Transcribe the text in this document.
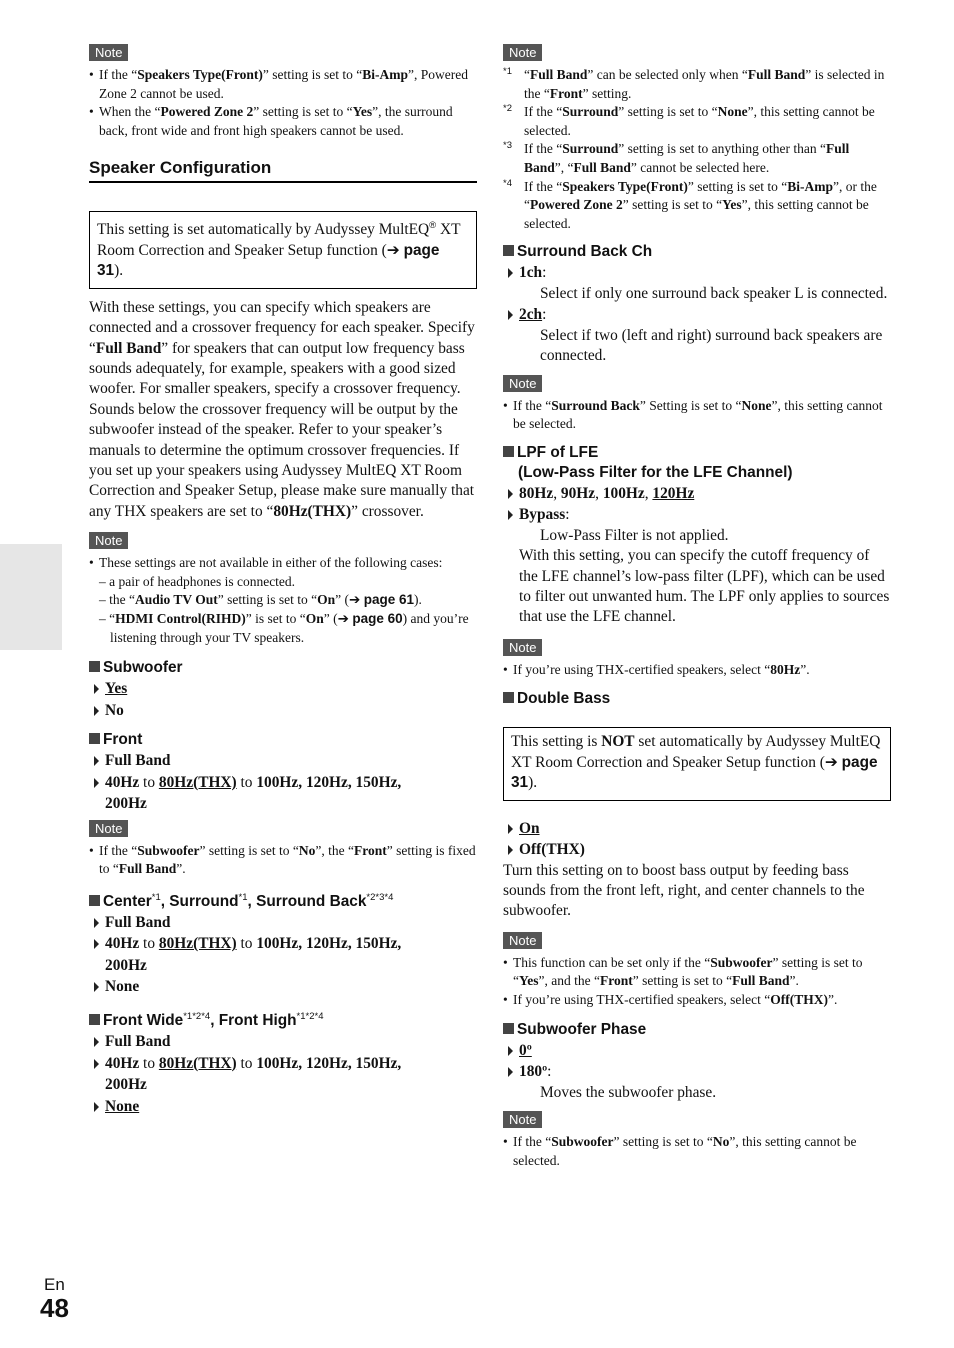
En
48
Note
• If the “Speakers Type(Front)” setting is set to “Bi-Amp”, Powered Zone 2 cannot be used.
• When the “Powered Zone 2” setting is set to “Yes”, the surround back, front wide and front high speakers cannot be used.
Speaker Configuration
This setting is set automatically by Audyssey MultEQ® XT Room Correction and Speaker Setup function (➔ page 31).
With these settings, you can specify which speakers are connected and a crossover frequency for each speaker. Specify “Full Band” for speakers that can output low frequency bass sounds adequately, for example, speakers with a good sized woofer. For smaller speakers, specify a crossover frequency. Sounds below the crossover frequency will be output by the subwoofer instead of the speaker. Refer to your speaker’s manuals to determine the optimum crossover frequencies. If you set up your speakers using Audyssey MultEQ XT Room Correction and Speaker Setup, please make sure manually that any THX speakers are set to “80Hz(THX)” crossover.
Note
• These settings are not available in either of the following cases:
– a pair of headphones is connected.
– the “Audio TV Out” setting is set to “On” (➔ page 61).
– “HDMI Control(RIHD)” is set to “On” (➔ page 60) and you’re listening through your TV speakers.
Subwoofer
Yes
No
Front
Full Band
40Hz to 80Hz(THX) to 100Hz, 120Hz, 150Hz,
200Hz
Note
• If the “Subwoofer” setting is set to “No”, the “Front” setting is fixed to “Full Band”.
Center$^{*1}$, Surround$^{*1}$, Surround Back$^{*2*3*4}$
Full Band
40Hz to 80Hz(THX) to 100Hz, 120Hz, 150Hz,
200Hz
None
Front Wide$^{*1*2*4}$, Front High$^{*1*2*4}$
Full Band
40Hz to 80Hz(THX) to 100Hz, 120Hz, 150Hz,
200Hz
None
Note
*1 “Full Band” can be selected only when “Full Band” is selected in the “Front” setting.
*2 If the “Surround” setting is set to “None”, this setting cannot be selected.
*3 If the “Surround” setting is set to anything other than “Full Band”, “Full Band” cannot be selected here.
*4 If the “Speakers Type(Front)” setting is set to “Bi-Amp”, or the “Powered Zone 2” setting is set to “Yes”, this setting cannot be selected.
Surround Back Ch
1ch:
Select if only one surround back speaker L is connected.
2ch:
Select if two (left and right) surround back speakers are connected.
Note
• If the “Surround Back” Setting is set to “None”, this setting cannot be selected.
LPF of LFE
(Low-Pass Filter for the LFE Channel)
80Hz, 90Hz, 100Hz, 120Hz
Bypass:
Low-Pass Filter is not applied.
With this setting, you can specify the cutoff frequency of the LFE channel’s low-pass filter (LPF), which can be used to filter out unwanted hum. The LPF only applies to sources that use the LFE channel.
Note
• If you’re using THX-certified speakers, select “80Hz”.
Double Bass
This setting is NOT set automatically by Audyssey MultEQ XT Room Correction and Speaker Setup function (➔ page 31).
On
Off(THX)
Turn this setting on to boost bass output by feeding bass sounds from the front left, right, and center channels to the subwoofer.
Note
• This function can be set only if the “Subwoofer” setting is set to “Yes”, and the “Front” setting is set to “Full Band”.
• If you’re using THX-certified speakers, select “Off(THX)”.
Subwoofer Phase
0º
180º:
Moves the subwoofer phase.
Note
• If the “Subwoofer” setting is set to “No”, this setting cannot be selected.
